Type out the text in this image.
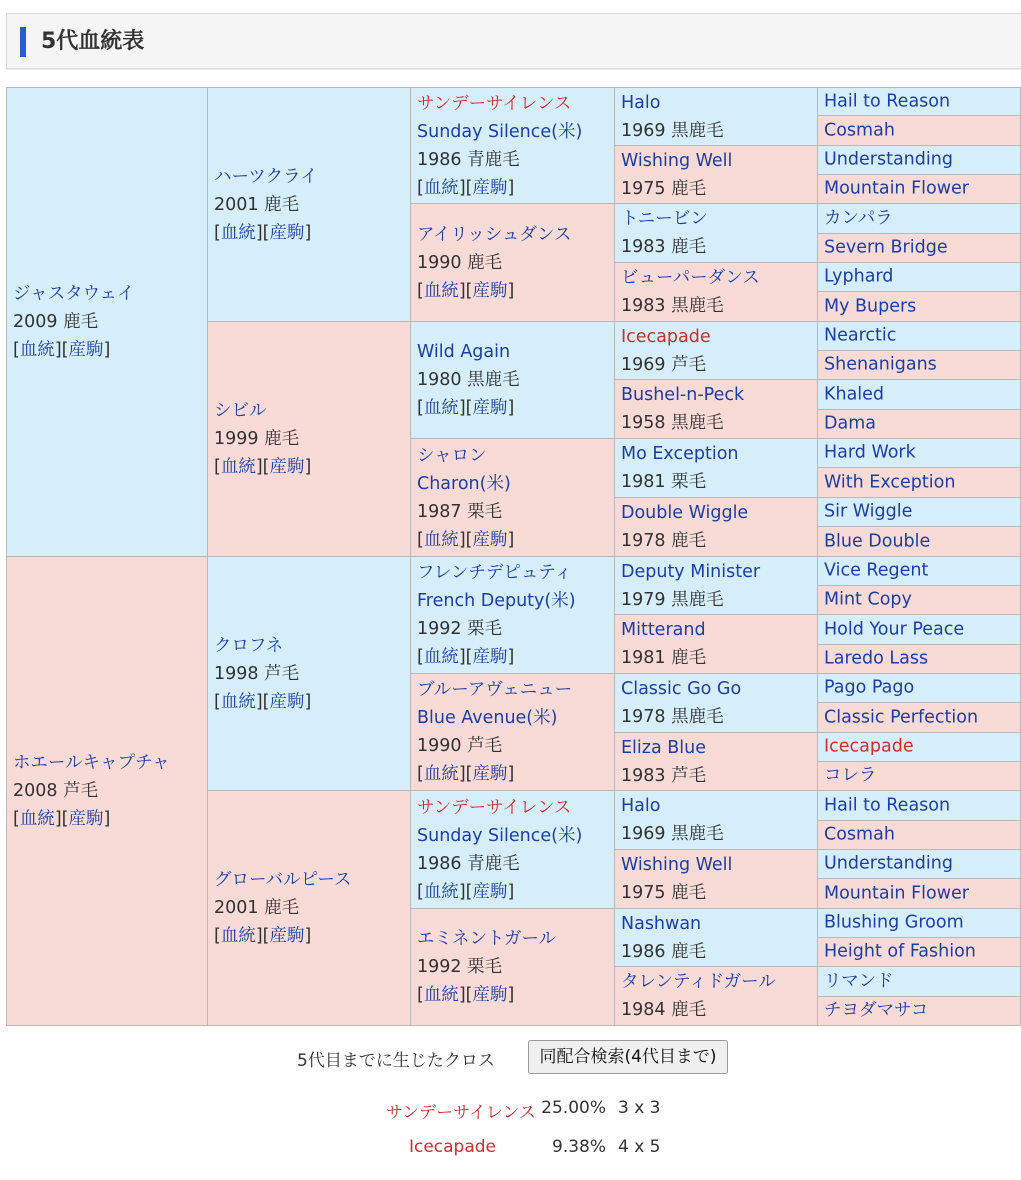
5代血統表
ジャスタウェイ
2009 鹿毛
[血統][産駒]
ホエールキャプチャ
2008 芦毛
[血統][産駒]
ハーツクライ
2001 鹿毛
[血統][産駒]
シビル
1999 鹿毛
[血統][産駒]
クロフネ
1998 芦毛
[血統][産駒]
グローバルピース
2001 鹿毛
[血統][産駒]
サンデーサイレンス
Sunday Silence(米)
1986 青鹿毛
[血統][産駒]
アイリッシュダンス
1990 鹿毛
[血統][産駒]
Wild Again
1980 黒鹿毛
[血統][産駒]
シャロン
Charon(米)
1987 栗毛
[血統][産駒]
フレンチデピュティ
French Deputy(米)
1992 栗毛
[血統][産駒]
ブルーアヴェニュー
Blue Avenue(米)
1990 芦毛
[血統][産駒]
サンデーサイレンス
Sunday Silence(米)
1986 青鹿毛
[血統][産駒]
エミネントガール
1992 栗毛
[血統][産駒]
Halo
1969 黒鹿毛
Wishing Well
1975 鹿毛
トニービン
1983 鹿毛
ビューパーダンス
1983 黒鹿毛
Icecapade
1969 芦毛
Bushel-n-Peck
1958 黒鹿毛
Mo Exception
1981 栗毛
Double Wiggle
1978 鹿毛
Deputy Minister
1979 黒鹿毛
Mitterand
1981 鹿毛
Classic Go Go
1978 黒鹿毛
Eliza Blue
1983 芦毛
Halo
1969 黒鹿毛
Wishing Well
1975 鹿毛
Nashwan
1986 鹿毛
タレンティドガール
1984 鹿毛
Hail to Reason
Cosmah
Understanding
Mountain Flower
カンパラ
Severn Bridge
Lyphard
My Bupers
Nearctic
Shenanigans
Khaled
Dama
Hard Work
With Exception
Sir Wiggle
Blue Double
Vice Regent
Mint Copy
Hold Your Peace
Laredo Lass
Pago Pago
Classic Perfection
Icecapade
コレラ
Hail to Reason
Cosmah
Understanding
Mountain Flower
Blushing Groom
Height of Fashion
リマンド
チヨダマサコ
5代目までに生じたクロス	同配合検索(4代目まで)
サンデーサイレンス 25.00% 3 x 3
Icecapade	9.38% 4 x 5
